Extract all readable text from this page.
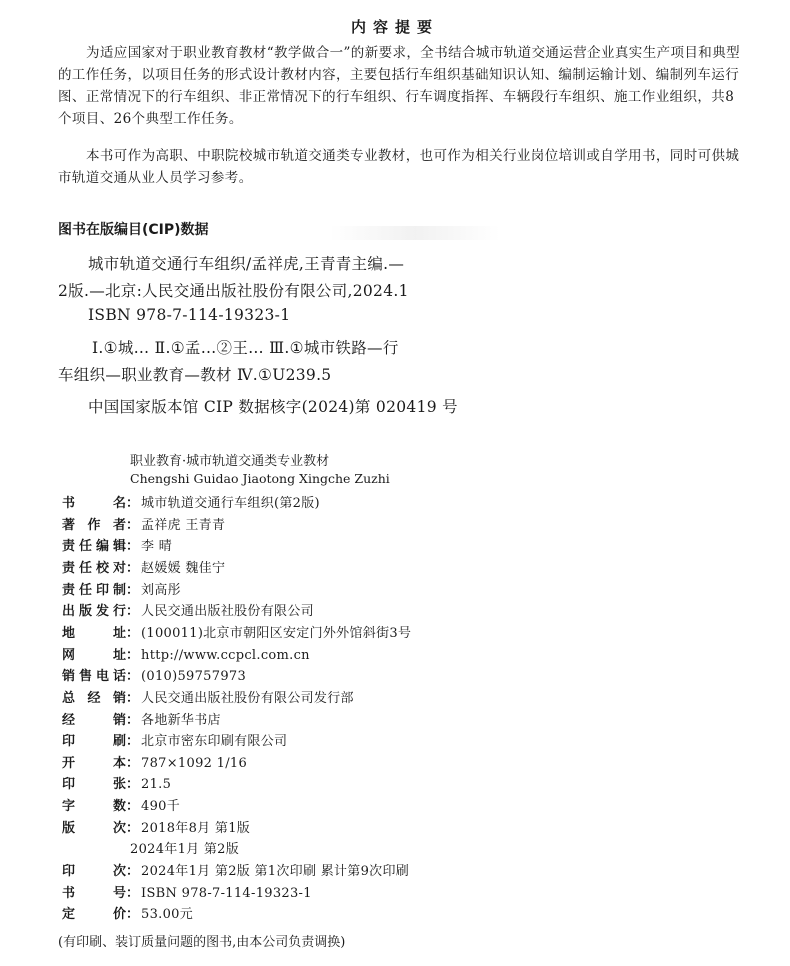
内容提要
为适应国家对于职业教育教材“教学做合一”的新要求，全书结合城市轨道交通运营企业真实生产项目和典型的工作任务，以项目任务的形式设计教材内容，主要包括行车组织基础知识认知、编制运输计划、编制列车运行图、正常情况下的行车组织、非正常情况下的行车组织、行车调度指挥、车辆段行车组织、施工作业组织，共8个项目、26个典型工作任务。
本书可作为高职、中职院校城市轨道交通类专业教材，也可作为相关行业岗位培训或自学用书，同时可供城市轨道交通从业人员学习参考。
图书在版编目(CIP)数据
城市轨道交通行车组织/孟祥虎,王青青主编.—
2版.—北京:人民交通出版社股份有限公司,2024.1
ISBN 978-7-114-19323-1
Ⅰ.①城… Ⅱ.①孟…②王… Ⅲ.①城市铁路—行
车组织—职业教育—教材 Ⅳ.①U239.5
中国国家版本馆 CIP 数据核字(2024)第 020419 号
职业教育·城市轨道交通类专业教材
Chengshi Guidao Jiaotong Xingche Zuzhi
书名： 城市轨道交通行车组织(第2版)
著作者： 孟祥虎 王青青
责任编辑： 李 晴
责任校对： 赵媛媛 魏佳宁
责任印制： 刘高彤
出版发行： 人民交通出版社股份有限公司
地址： (100011)北京市朝阳区安定门外外馆斜街3号
网址： http://www.ccpcl.com.cn
销售电话： (010)59757973
总经销： 人民交通出版社股份有限公司发行部
经销： 各地新华书店
印刷： 北京市密东印刷有限公司
开本： 787×1092 1/16
印张： 21.5
字数： 490千
版次： 2018年8月 第1版
2024年1月 第2版
印次： 2024年1月 第2版 第1次印刷 累计第9次印刷
书号： ISBN 978-7-114-19323-1
定价： 53.00元
(有印刷、装订质量问题的图书,由本公司负责调换)
